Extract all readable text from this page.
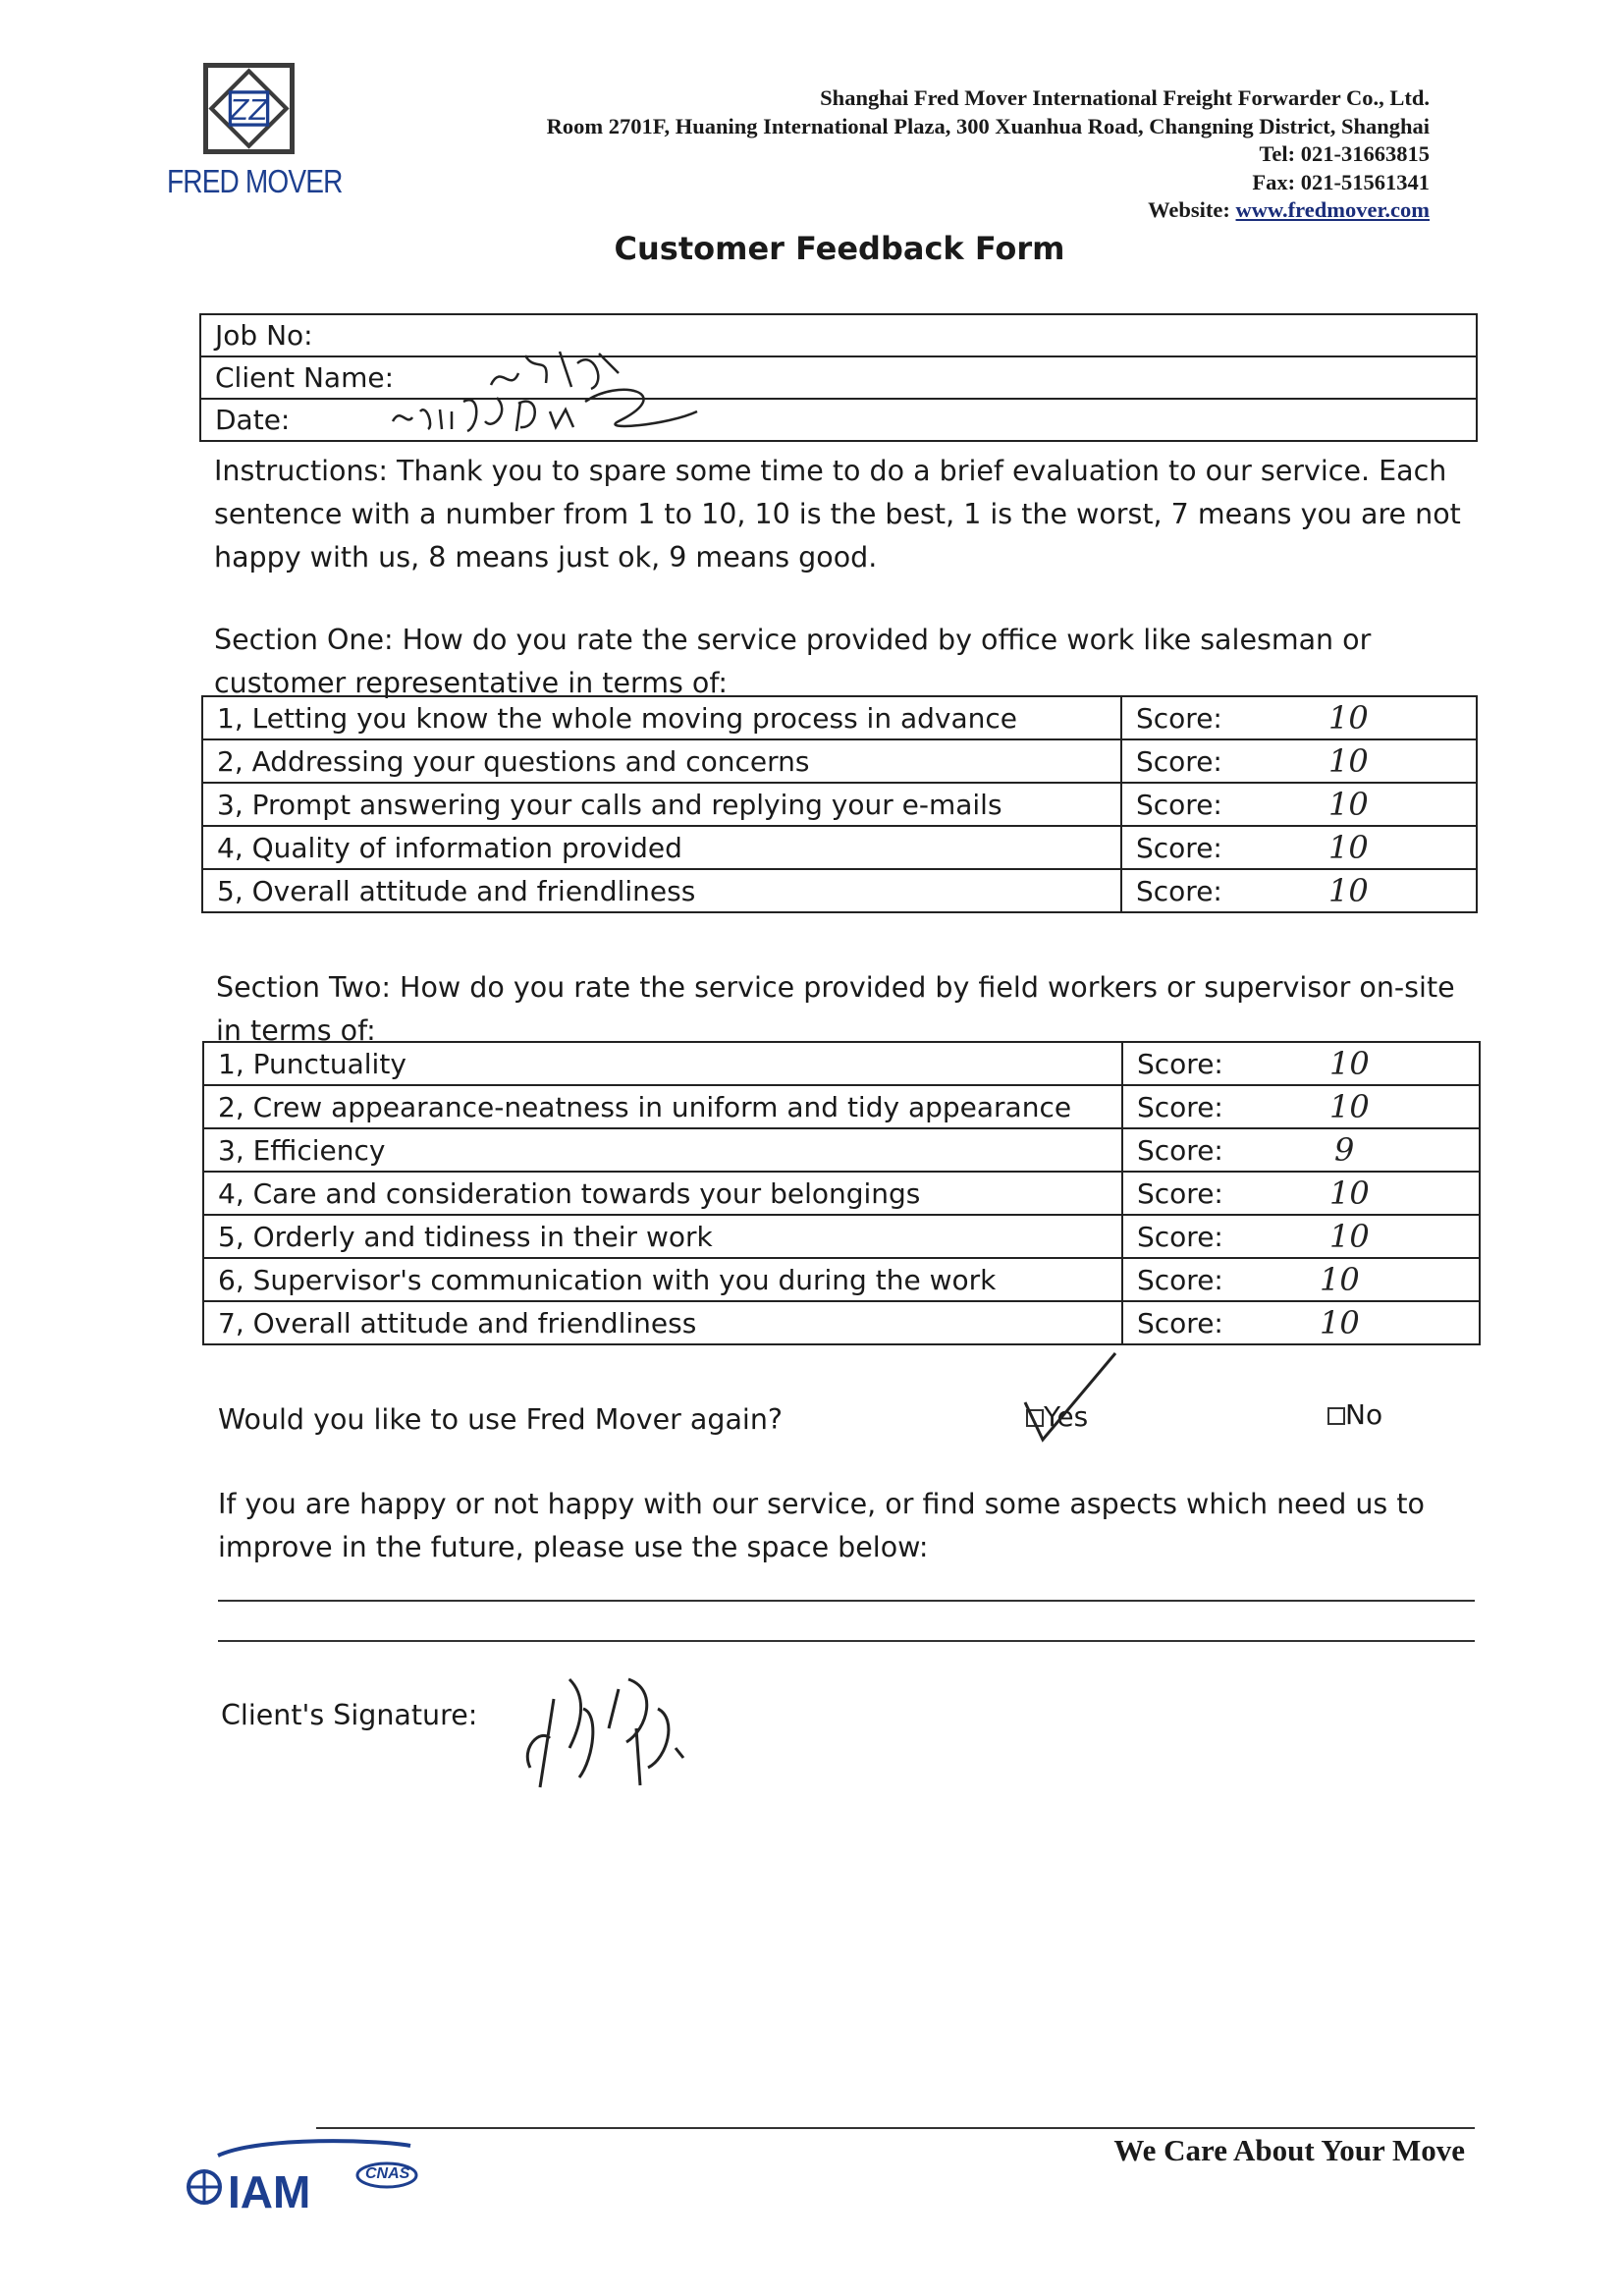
ZZ
FRED MOVER
Shanghai Fred Mover International Freight Forwarder Co., Ltd.
Room 2701F, Huaning International Plaza, 300 Xuanhua Road, Changning District, Shanghai
Tel: 021-31663815
Fax: 021-51561341
Website: www.fredmover.com
Customer Feedback Form
Job No:
Client Name:

Date:
Instructions: Thank you to spare some time to do a brief evaluation to our service. Each sentence with a number from 1 to 10, 10 is the best, 1 is the worst, 7 means you are not happy with us, 8 means just ok, 9 means good.
Section One: How do you rate the service provided by office work like salesman or customer representative in terms of:
1, Letting you know the whole moving process in advance	Score: 10

2, Addressing your questions and concerns	Score: 10

3, Prompt answering your calls and replying your e-mails	Score: 10

4, Quality of information provided	Score: 10

5, Overall attitude and friendliness	Score: 10
Section Two: How do you rate the service provided by field workers or supervisor on-site in terms of:
1, Punctuality	Score: 10

2, Crew appearance-neatness in uniform and tidy appearance	Score: 10

3, Efficiency	Score: 9

4, Care and consideration towards your belongings	Score: 10

5, Orderly and tidiness in their work	Score: 10

6, Supervisor's communication with you during the work	Score: 10

7, Overall attitude and friendliness	Score: 10
Would you like to use Fred Mover again?	Yes	No
If you are happy or not happy with our service, or find some aspects which need us to improve in the future, please use the space below:
Client's Signature:
IAM	CNAS
We Care About Your Move
